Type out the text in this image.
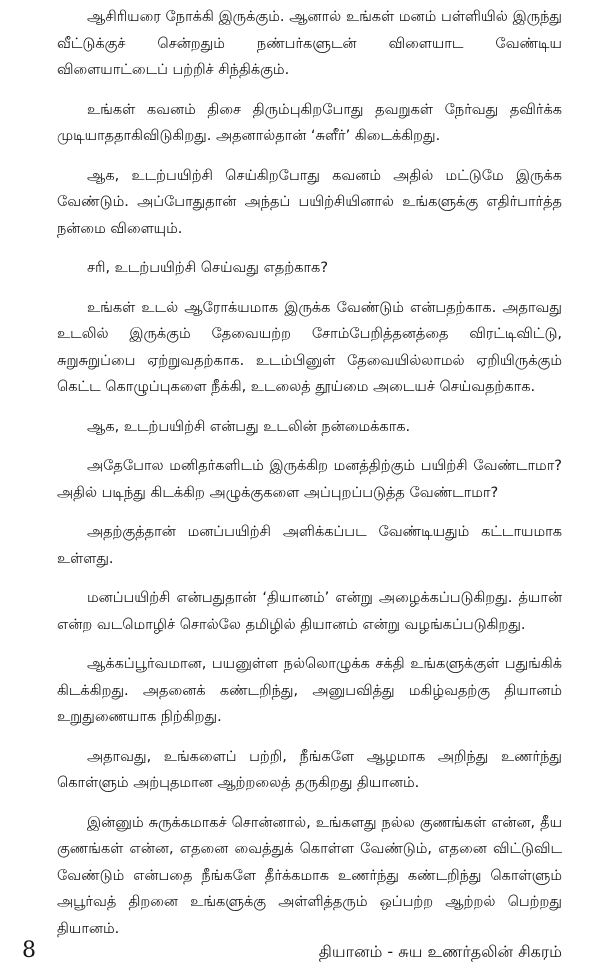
ஆசிரியரை நோக்கி இருக்கும். ஆனால் உங்கள் மனம் பள்ளியில் இருந்து வீட்டுக்குச் சென்றதும் நண்பர்களுடன் விளையாட வேண்டிய விளையாட்டைப் பற்றிச் சிந்திக்கும்.

உங்கள் கவனம் திசை திரும்புகிறபோது தவறுகள் நேர்வது தவிர்க்க முடியாததாகிவிடுகிறது. அதனால்தான் ‘சுளீர்’ கிடைக்கிறது.

ஆக, உடற்பயிற்சி செய்கிறபோது கவனம் அதில் மட்டுமே இருக்க வேண்டும். அப்போதுதான் அந்தப் பயிற்சியினால் உங்களுக்கு எதிர்பார்த்த நன்மை விளையும்.

சரி, உடற்பயிற்சி செய்வது எதற்காக?

உங்கள் உடல் ஆரோக்யமாக இருக்க வேண்டும் என்பதற்காக. அதாவது உடலில் இருக்கும் தேவையற்ற சோம்பேறித்தனத்தை விரட்டிவிட்டு, சுறுசுறுப்பை ஏற்றுவதற்காக. உடம்பினுள் தேவையில்லாமல் ஏறியிருக்கும் கெட்ட கொழுப்புகளை நீக்கி, உடலைத் தூய்மை அடையச் செய்வதற்காக.

ஆக, உடற்பயிற்சி என்பது உடலின் நன்மைக்காக.

அதேபோல மனிதர்களிடம் இருக்கிற மனத்திற்கும் பயிற்சி வேண்டாமா? அதில் படிந்து கிடக்கிற அழுக்குகளை அப்புறப்படுத்த வேண்டாமா?

அதற்குத்தான் மனப்பயிற்சி அளிக்கப்பட வேண்டியதும் கட்டாயமாக உள்ளது.

மனப்பயிற்சி என்பதுதான் ‘தியானம்’ என்று அழைக்கப்படுகிறது. த்யான் என்ற வடமொழிச் சொல்லே தமிழில் தியானம் என்று வழங்கப்படுகிறது.

ஆக்கப்பூர்வமான, பயனுள்ள நல்லொழுக்க சக்தி உங்களுக்குள் பதுங்கிக் கிடக்கிறது. அதனைக் கண்டறிந்து, அனுபவித்து மகிழ்வதற்கு தியானம் உறுதுணையாக நிற்கிறது.

அதாவது, உங்களைப் பற்றி, நீங்களே ஆழமாக அறிந்து உணர்ந்து கொள்ளும் அற்புதமான ஆற்றலைத் தருகிறது தியானம்.

இன்னும் சுருக்கமாகச் சொன்னால், உங்களது நல்ல குணங்கள் என்ன, தீய குணங்கள் என்ன, எதனை வைத்துக் கொள்ள வேண்டும், எதனை விட்டுவிட வேண்டும் என்பதை நீங்களே தீர்க்கமாக உணர்ந்து கண்டறிந்து கொள்ளும் அபூர்வத் திறனை உங்களுக்கு அள்ளித்தரும் ஒப்பற்ற ஆற்றல் பெற்றது தியானம்.

8	தியானம் - சுய உணர்தலின் சிகரம்
